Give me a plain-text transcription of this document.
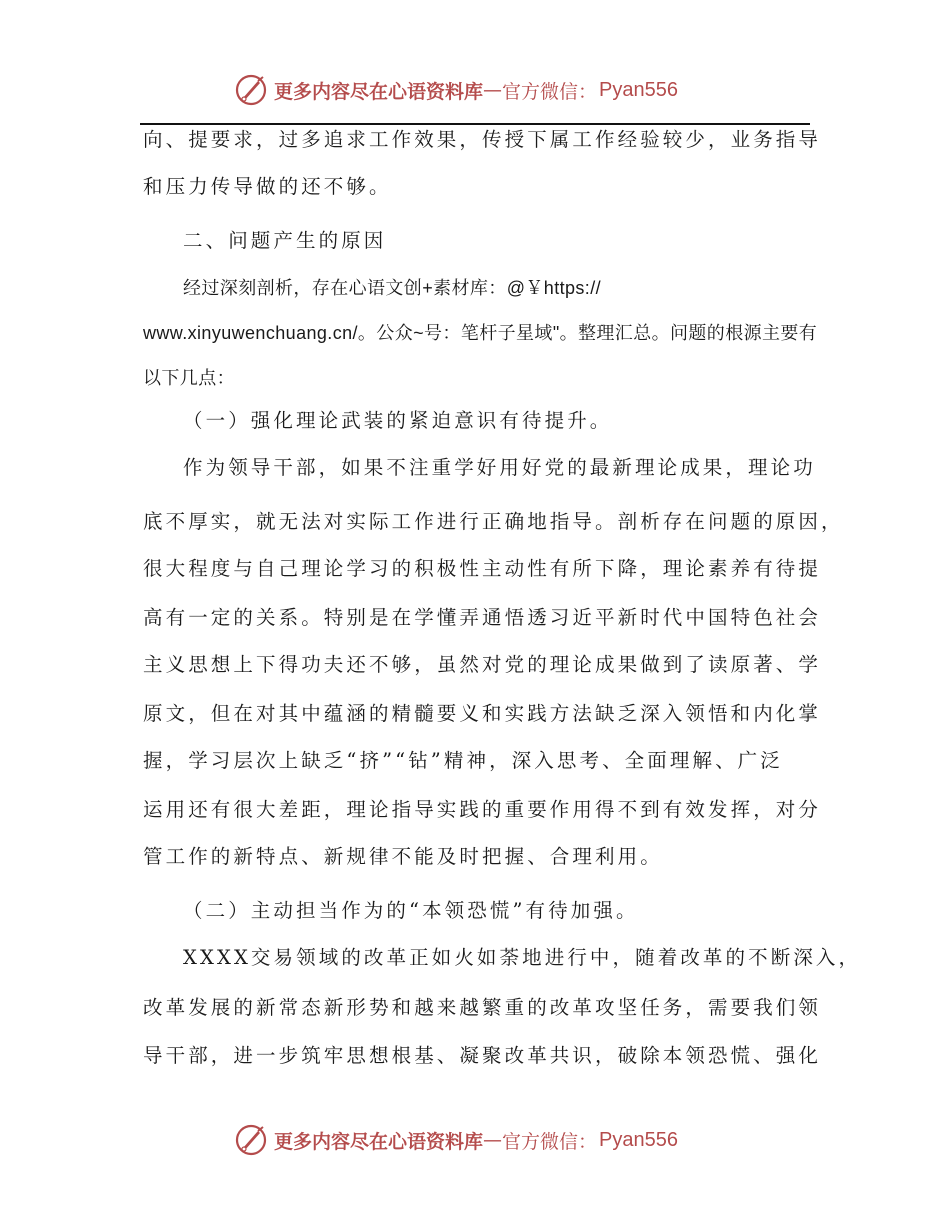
更多内容尽在心语资料库 — 官方微信： Pyan556
向、提要求，过多追求工作效果，传授下属工作经验较少，业务指导
和压力传导做的还不够。
二、问题产生的原因
经过深刻剖析，存在心语文创+素材库：@￥https://
www.xinyuwenchuang.cn/。公众~号：笔杆子星域"。整理汇总。问题的根源主要有
以下几点：
（一）强化理论武装的紧迫意识有待提升。
作为领导干部，如果不注重学好用好党的最新理论成果，理论功
底不厚实，就无法对实际工作进行正确地指导。剖析存在问题的原因，
很大程度与自己理论学习的积极性主动性有所下降，理论素养有待提
高有一定的关系。特别是在学懂弄通悟透习近平新时代中国特色社会
主义思想上下得功夫还不够，虽然对党的理论成果做到了读原著、学
原文，但在对其中蕴涵的精髓要义和实践方法缺乏深入领悟和内化掌
握，学习层次上缺乏“挤”“钻”精神，深入思考、全面理解、广泛
运用还有很大差距，理论指导实践的重要作用得不到有效发挥，对分
管工作的新特点、新规律不能及时把握、合理利用。
（二）主动担当作为的“本领恐慌”有待加强。
XXXX交易领域的改革正如火如荼地进行中，随着改革的不断深入，
改革发展的新常态新形势和越来越繁重的改革攻坚任务，需要我们领
导干部，进一步筑牢思想根基、凝聚改革共识，破除本领恐慌、强化
更多内容尽在心语资料库 — 官方微信： Pyan556
